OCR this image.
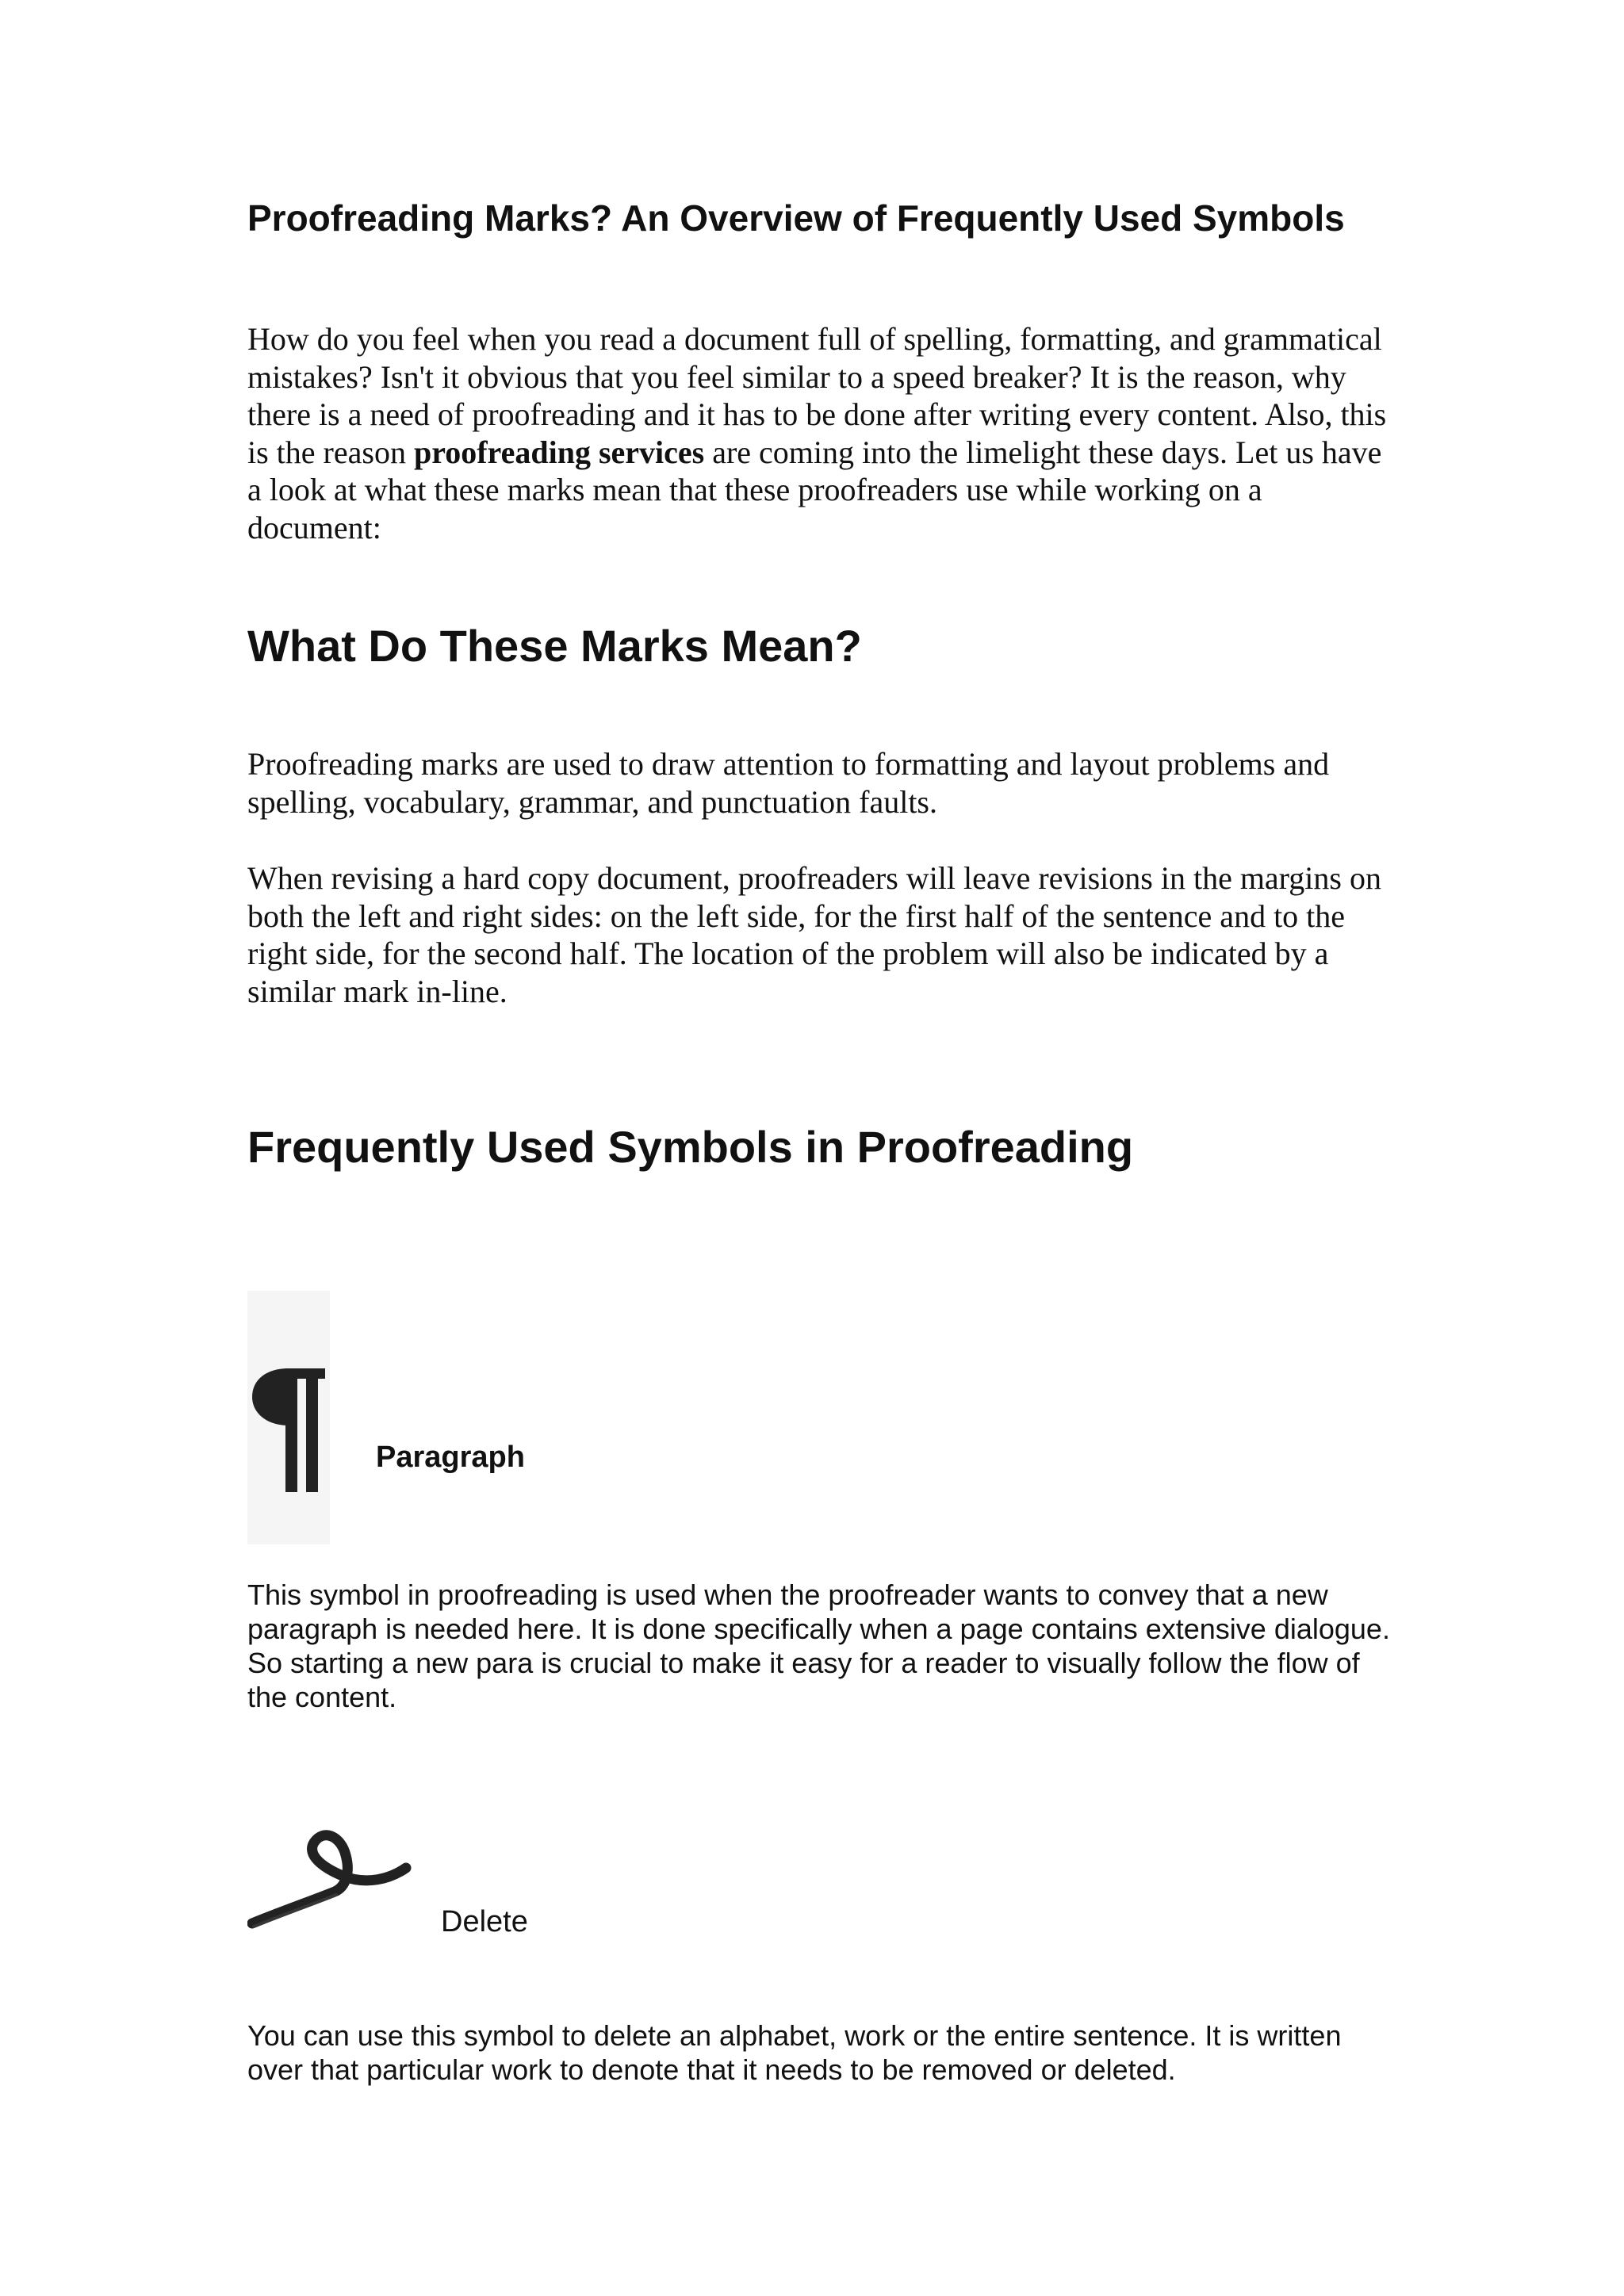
Proofreading Marks? An Overview of Frequently Used Symbols

How do you feel when you read a document full of spelling, formatting, and grammatical mistakes? Isn't it obvious that you feel similar to a speed breaker? It is the reason, why there is a need of proofreading and it has to be done after writing every content. Also, this is the reason proofreading services are coming into the limelight these days. Let us have a look at what these marks mean that these proofreaders use while working on a document:

What Do These Marks Mean?

Proofreading marks are used to draw attention to formatting and layout problems and spelling, vocabulary, grammar, and punctuation faults.

When revising a hard copy document, proofreaders will leave revisions in the margins on both the left and right sides: on the left side, for the first half of the sentence and to the right side, for the second half. The location of the problem will also be indicated by a similar mark in-line.

Frequently Used Symbols in Proofreading

Paragraph

This symbol in proofreading is used when the proofreader wants to convey that a new paragraph is needed here. It is done specifically when a page contains extensive dialogue. So starting a new para is crucial to make it easy for a reader to visually follow the flow of the content.

Delete

You can use this symbol to delete an alphabet, work or the entire sentence. It is written over that particular work to denote that it needs to be removed or deleted.
